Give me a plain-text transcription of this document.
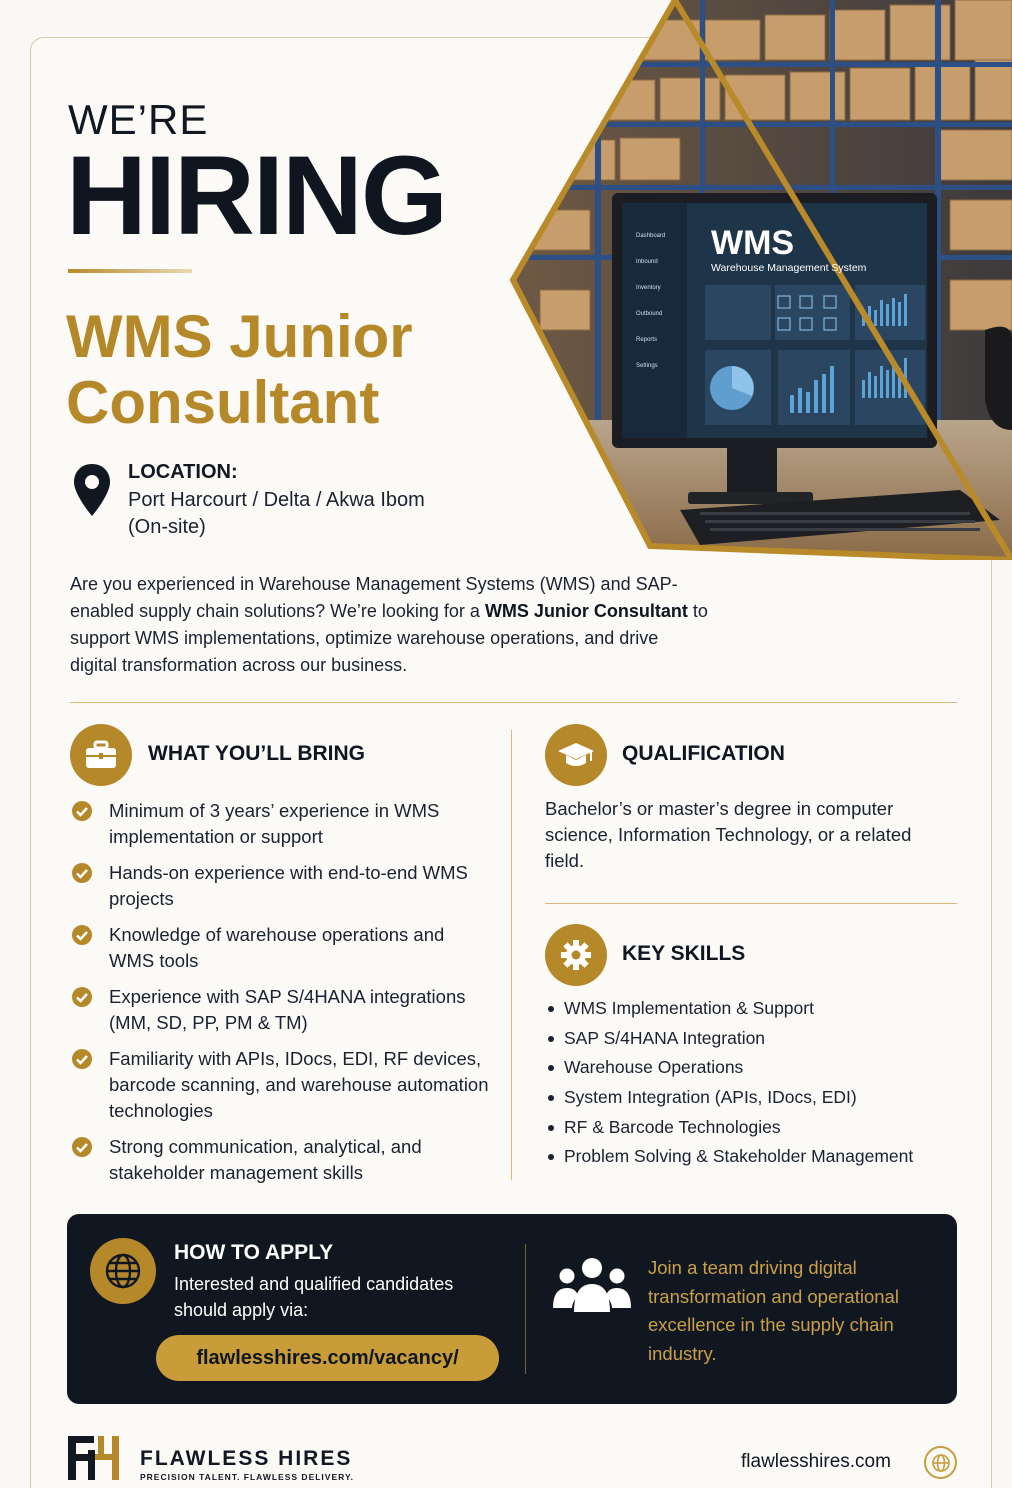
WMS
Warehouse Management System
Dashboard
Inbound
Inventory
Outbound
Reports
Settings
WE’RE
HIRING
WMS Junior
Consultant
LOCATION:
Port Harcourt / Delta / Akwa Ibom
(On-site)

Are you experienced in Warehouse Management Systems (WMS) and SAP-enabled supply chain solutions? We’re looking for a WMS Junior Consultant to support WMS implementations, optimize warehouse operations, and drive digital transformation across our business.

WHAT YOU’LL BRING
Minimum of 3 years’ experience in WMS implementation or support
Hands-on experience with end-to-end WMS projects
Knowledge of warehouse operations and WMS tools
Experience with SAP S/4HANA integrations (MM, SD, PP, PM & TM)
Familiarity with APIs, IDocs, EDI, RF devices, barcode scanning, and warehouse automation technologies
Strong communication, analytical, and stakeholder management skills
QUALIFICATION

Bachelor’s or master’s degree in computer science, Information Technology, or a related field.

KEY SKILLS
WMS Implementation & Support
SAP S/4HANA Integration
Warehouse Operations
System Integration (APIs, IDocs, EDI)
RF & Barcode Technologies
Problem Solving & Stakeholder Management
HOW TO APPLY

Interested and qualified candidates should apply via:

flawlesshires.com/vacancy/

Join a team driving digital transformation and operational excellence in the supply chain industry.

FLAWLESS HIRES
PRECISION TALENT. FLAWLESS DELIVERY.
flawlesshires.com
